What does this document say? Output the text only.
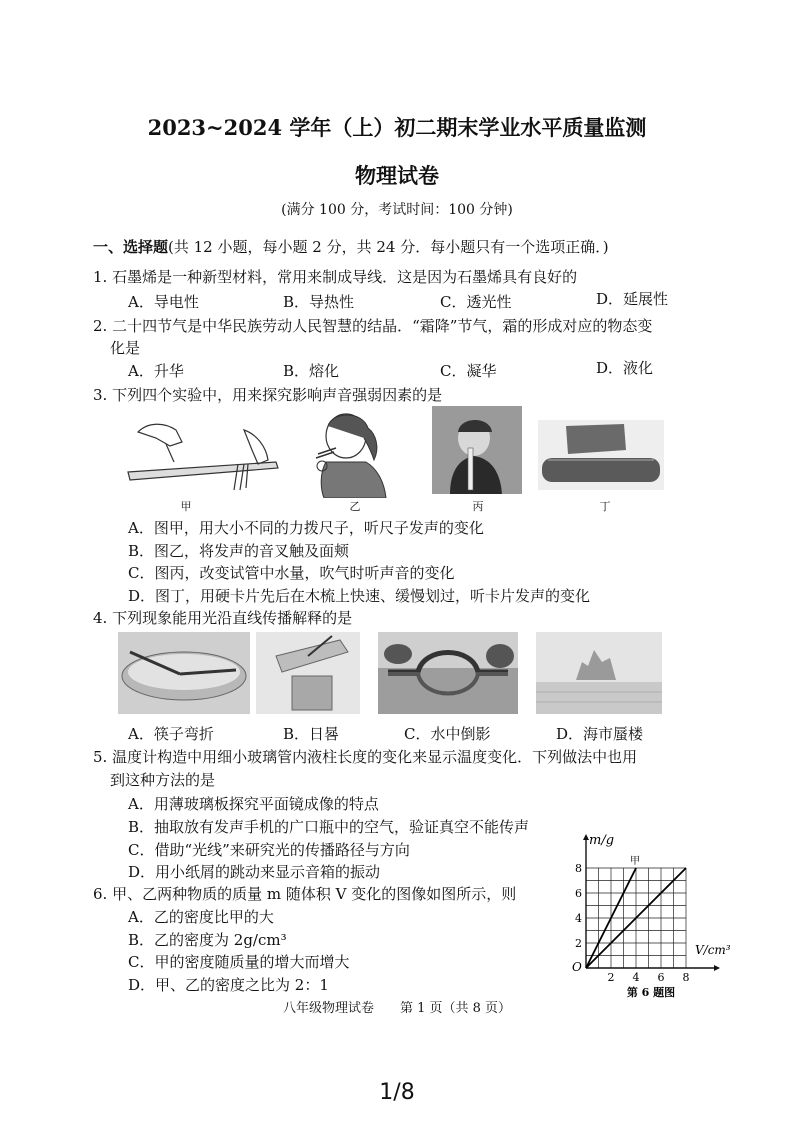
2023~2024 学年（上）初二期末学业水平质量监测
物理试卷
(满分 100 分，考试时间：100 分钟)
一、选择题(共 12 小题，每小题 2 分，共 24 分．每小题只有一个选项正确．)
1. 石墨烯是一种新型材料，常用来制成导线．这是因为石墨烯具有良好的
A．导电性	B．导热性	C．透光性	D．延展性
2. 二十四节气是中华民族劳动人民智慧的结晶．“霜降”节气，霜的形成对应的物态变
化是
A．升华	B．熔化	C．凝华	D．液化
3. 下列四个实验中，用来探究影响声音强弱因素的是
甲	乙	丙	丁
A．图甲，用大小不同的力拨尺子，听尺子发声的变化
B．图乙，将发声的音叉触及面颊
C．图丙，改变试管中水量，吹气时听声音的变化
D．图丁，用硬卡片先后在木梳上快速、缓慢划过，听卡片发声的变化
4. 下列现象能用光沿直线传播解释的是
A．筷子弯折	B．日晷	C．水中倒影	D．海市蜃楼
5. 温度计构造中用细小玻璃管内液柱长度的变化来显示温度变化．下列做法中也用
到这种方法的是
A．用薄玻璃板探究平面镜成像的特点
B．抽取放有发声手机的广口瓶中的空气，验证真空不能传声
C．借助“光线”来研究光的传播路径与方向
D．用小纸屑的跳动来显示音箱的振动
6. 甲、乙两种物质的质量 m 随体积 V 变化的图像如图所示，则
A．乙的密度比甲的大
B．乙的密度为 2g/cm³
C．甲的密度随质量的增大而增大
D．甲、乙的密度之比为 2：1
m/g
V/cm³
O
甲
2 4 6 8
2
4
6
8
第 6 题图
八年级物理试卷　　第 1 页（共 8 页）
1/8
